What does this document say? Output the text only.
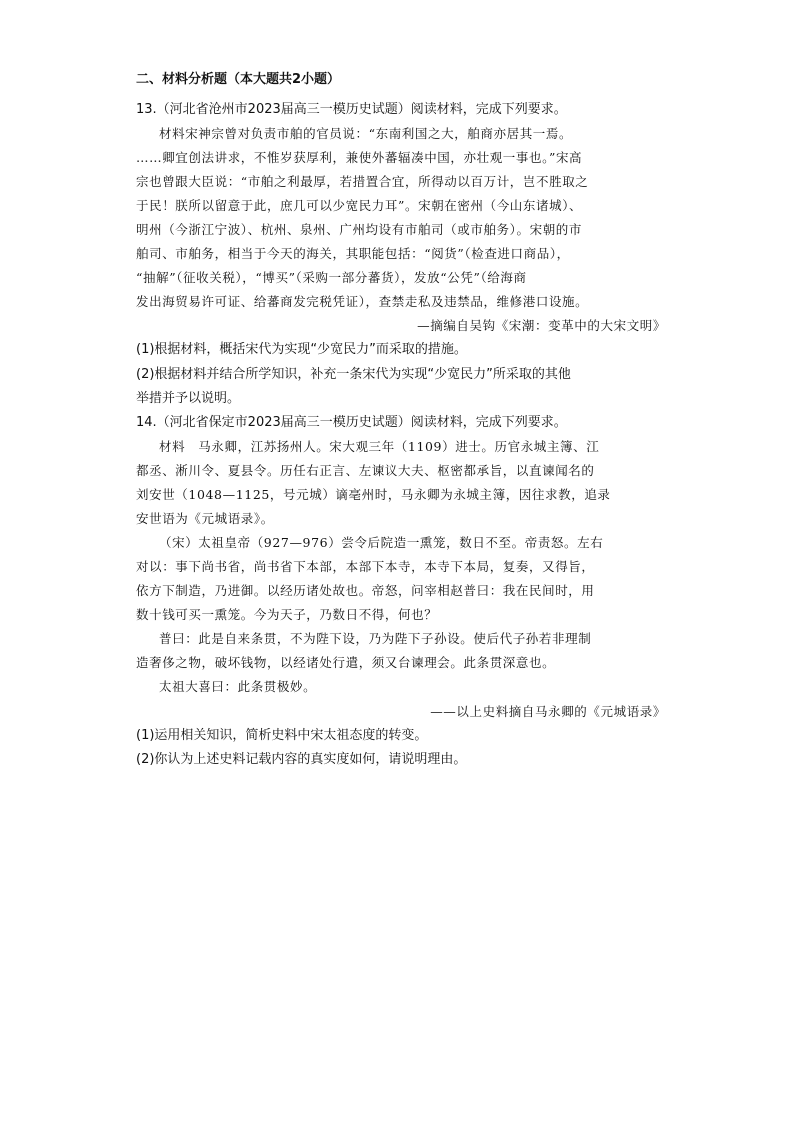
二、材料分析题（本大题共2小题）
13.（河北省沧州市2023届高三一模历史试题）阅读材料，完成下列要求。
材料宋神宗曾对负责市舶的官员说：“东南利国之大，舶商亦居其一焉。
……卿宜创法讲求，不惟岁获厚利，兼使外蕃辐凑中国，亦壮观一事也。”宋高
宗也曾跟大臣说：“市舶之利最厚，若措置合宜，所得动以百万计，岂不胜取之
于民！朕所以留意于此，庶几可以少宽民力耳”。宋朝在密州（今山东诸城）、
明州（今浙江宁波）、杭州、泉州、广州均设有市舶司（或市舶务）。宋朝的市
舶司、市舶务，相当于今天的海关，其职能包括：“阅货”（检查进口商品），
“抽解”（征收关税），“博买”（采购一部分蕃货），发放“公凭”（给海商
发出海贸易许可证、给蕃商发完税凭证），查禁走私及违禁品，维修港口设施。
—摘编自吴钩《宋潮：变革中的大宋文明》
(1)根据材料，概括宋代为实现“少宽民力”而采取的措施。
(2)根据材料并结合所学知识，补充一条宋代为实现“少宽民力”所采取的其他
举措并予以说明。
14.（河北省保定市2023届高三一模历史试题）阅读材料，完成下列要求。
材料　马永卿，江苏扬州人。宋大观三年（1109）进士。历官永城主簿、江
都丞、淅川令、夏县令。历任右正言、左谏议大夫、枢密都承旨，以直谏闻名的
刘安世（1048—1125，号元城）谪亳州时，马永卿为永城主簿，因往求教，追录
安世语为《元城语录》。
（宋）太祖皇帝（927—976）尝令后院造一熏笼，数日不至。帝责怒。左右
对以：事下尚书省，尚书省下本部，本部下本寺，本寺下本局，复奏，又得旨，
依方下制造，乃进御。以经历诸处故也。帝怒，问宰相赵普曰：我在民间时，用
数十钱可买一熏笼。今为天子，乃数日不得，何也？
普曰：此是自来条贯，不为陛下设，乃为陛下子孙设。使后代子孙若非理制
造奢侈之物，破坏钱物，以经诸处行遣，须又台谏理会。此条贯深意也。
太祖大喜曰：此条贯极妙。
——以上史料摘自马永卿的《元城语录》
(1)运用相关知识，简析史料中宋太祖态度的转变。
(2)你认为上述史料记载内容的真实度如何，请说明理由。
